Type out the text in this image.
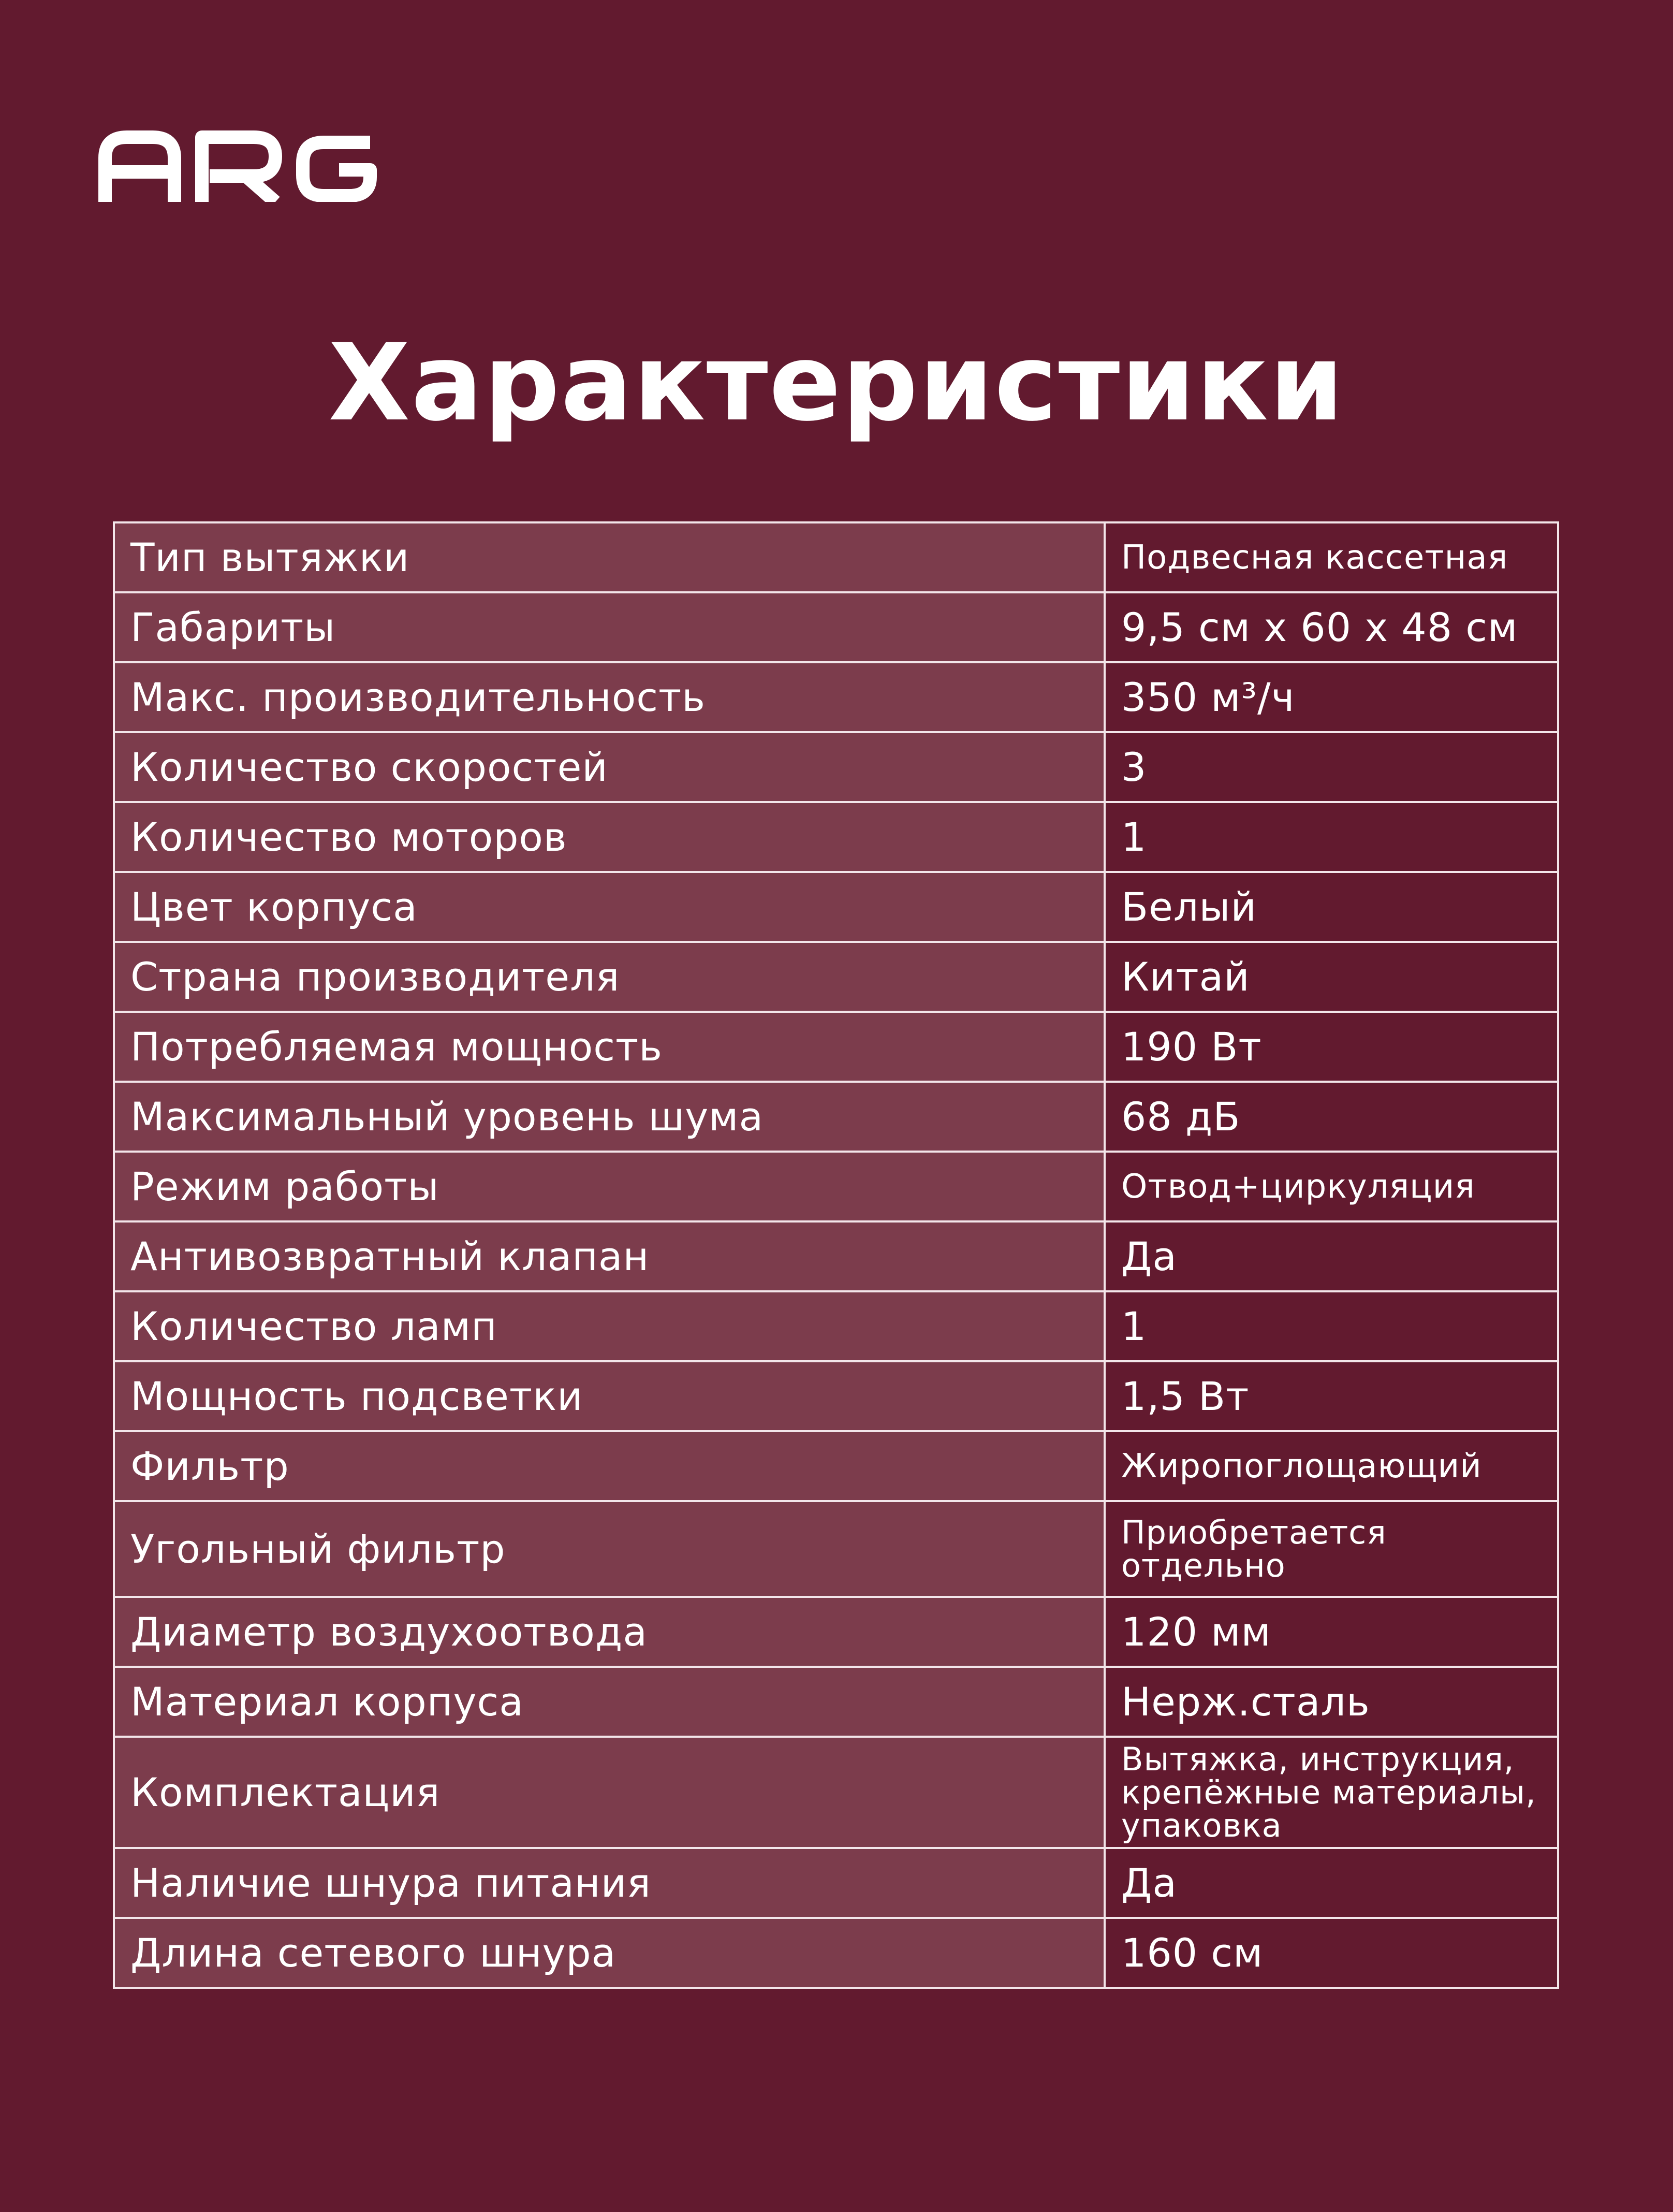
Характеристики
Тип вытяжки	Подвесная кассетная
Габариты	9,5 см х 60 х 48 см
Макс. производительность	350 м³/ч
Количество скоростей	3
Количество моторов	1
Цвет корпуса	Белый
Страна производителя	Китай
Потребляемая мощность	190 Вт
Максимальный уровень шума	68 дБ
Режим работы	Отвод+циркуляция
Антивозвратный клапан	Да
Количество ламп	1
Мощность подсветки	1,5 Вт
Фильтр	Жиропоглощающий
Угольный фильтр	Приобретается отдельно
Диаметр воздухоотвода	120 мм
Материал корпуса	Нерж.сталь
Комплектация	Вытяжка, инструкция, крепёжные материалы, упаковка
Наличие шнура питания	Да
Длина сетевого шнура	160 см
